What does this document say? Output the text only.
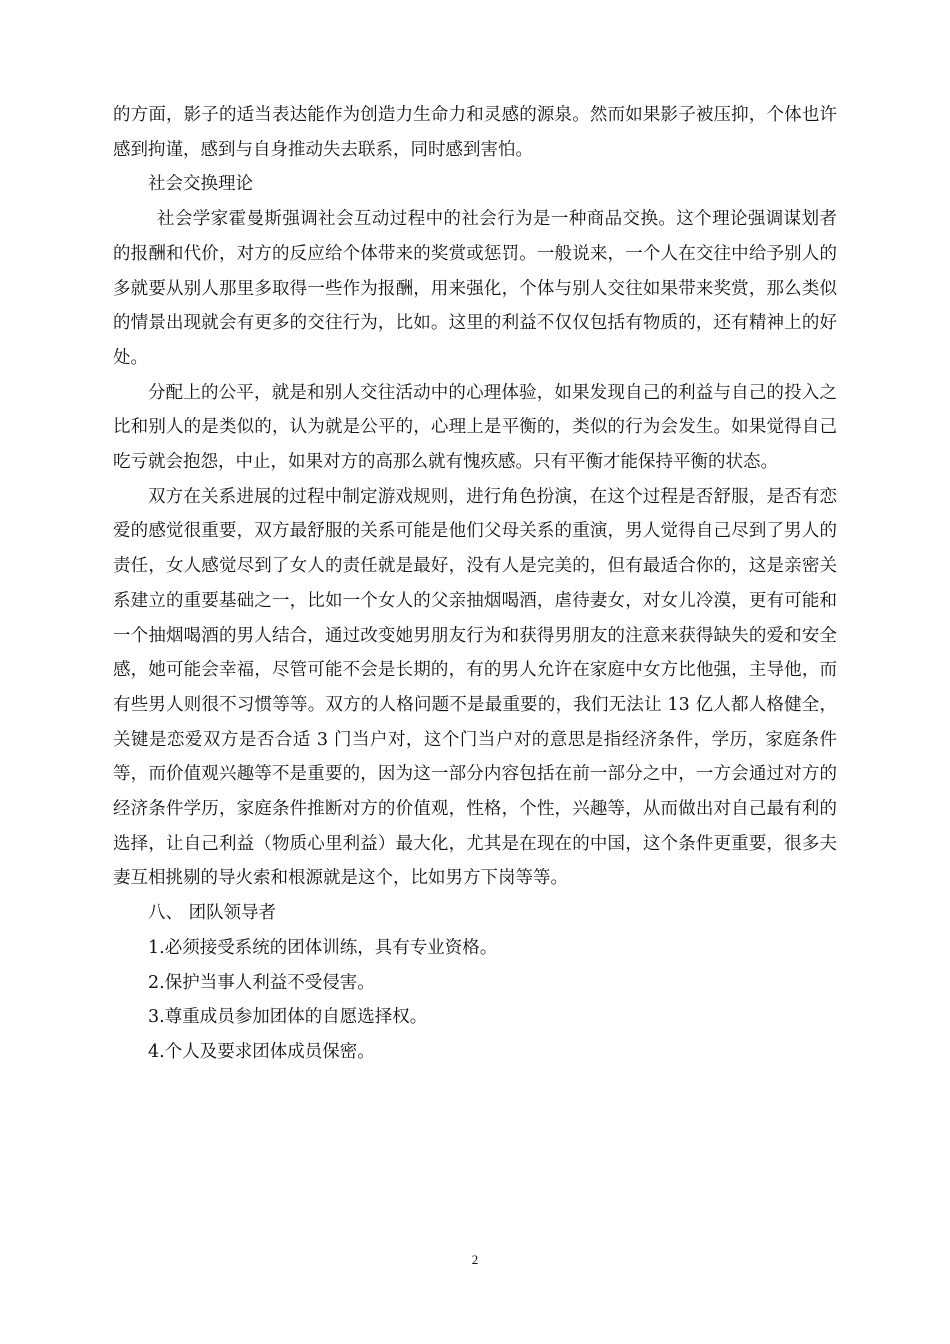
的方面，影子的适当表达能作为创造力生命力和灵感的源泉。然而如果影子被压抑，个体也许感到拘谨，感到与自身推动失去联系，同时感到害怕。

社会交换理论

社会学家霍曼斯强调社会互动过程中的社会行为是一种商品交换。这个理论强调谋划者的报酬和代价，对方的反应给个体带来的奖赏或惩罚。一般说来，一个人在交往中给予别人的多就要从别人那里多取得一些作为报酬，用来强化，个体与别人交往如果带来奖赏，那么类似的情景出现就会有更多的交往行为，比如。这里的利益不仅仅包括有物质的，还有精神上的好处。

分配上的公平，就是和别人交往活动中的心理体验，如果发现自己的利益与自己的投入之比和别人的是类似的，认为就是公平的，心理上是平衡的，类似的行为会发生。如果觉得自己吃亏就会抱怨，中止，如果对方的高那么就有愧疚感。只有平衡才能保持平衡的状态。

双方在关系进展的过程中制定游戏规则，进行角色扮演，在这个过程是否舒服，是否有恋爱的感觉很重要，双方最舒服的关系可能是他们父母关系的重演，男人觉得自己尽到了男人的责任，女人感觉尽到了女人的责任就是最好，没有人是完美的，但有最适合你的，这是亲密关系建立的重要基础之一，比如一个女人的父亲抽烟喝酒，虐待妻女，对女儿冷漠，更有可能和一个抽烟喝酒的男人结合，通过改变她男朋友行为和获得男朋友的注意来获得缺失的爱和安全感，她可能会幸福，尽管可能不会是长期的，有的男人允许在家庭中女方比他强，主导他，而有些男人则很不习惯等等。双方的人格问题不是最重要的，我们无法让 13 亿人都人格健全，关键是恋爱双方是否合适 3 门当户对，这个门当户对的意思是指经济条件，学历，家庭条件等，而价值观兴趣等不是重要的，因为这一部分内容包括在前一部分之中，一方会通过对方的经济条件学历，家庭条件推断对方的价值观，性格，个性，兴趣等，从而做出对自己最有利的选择，让自己利益（物质心里利益）最大化，尤其是在现在的中国，这个条件更重要，很多夫妻互相挑剔的导火索和根源就是这个，比如男方下岗等等。

八、 团队领导者

1.必须接受系统的团体训练，具有专业资格。

2.保护当事人利益不受侵害。

3.尊重成员参加团体的自愿选择权。

4.个人及要求团体成员保密。

2
